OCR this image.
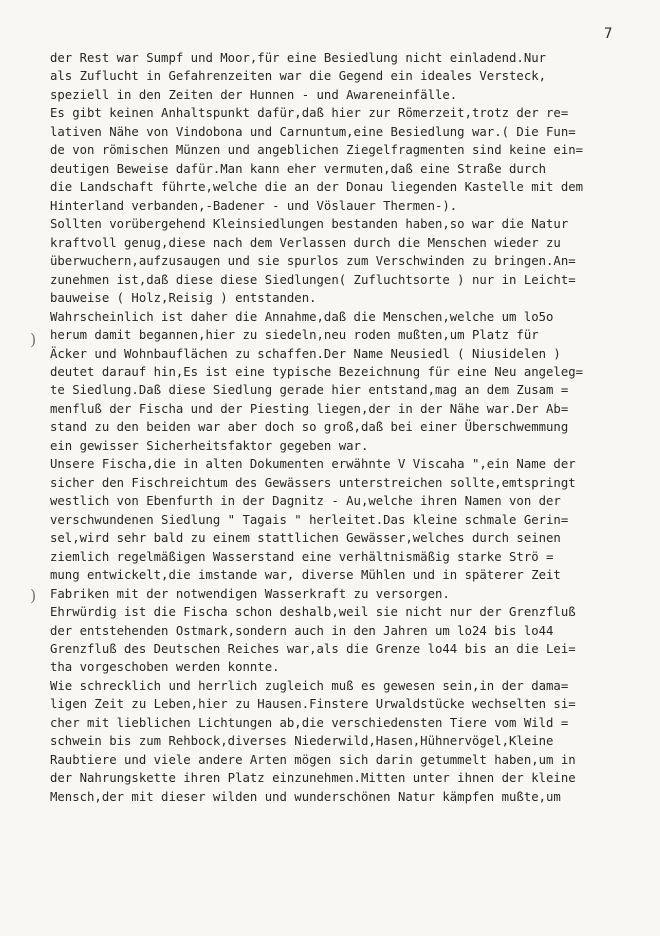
7
)
)
der Rest war Sumpf und Moor,für eine Besiedlung nicht einladend.Nur
als Zuflucht in Gefahrenzeiten war die Gegend ein ideales Versteck,
speziell in den Zeiten der Hunnen - und Awareneinfälle.
Es gibt keinen Anhaltspunkt dafür,daß hier zur Römerzeit,trotz der re=
lativen Nähe von Vindobona und Carnuntum,eine Besiedlung war.( Die Fun=
de von römischen Münzen und angeblichen Ziegelfragmenten sind keine ein=
deutigen Beweise dafür.Man kann eher vermuten,daß eine Straße durch
die Landschaft führte,welche die an der Donau liegenden Kastelle mit dem
Hinterland verbanden,-Badener - und Vöslauer Thermen-).
Sollten vorübergehend Kleinsiedlungen bestanden haben,so war die Natur
kraftvoll genug,diese nach dem Verlassen durch die Menschen wieder zu
überwuchern,aufzusaugen und sie spurlos zum Verschwinden zu bringen.An=
zunehmen ist,daß diese diese Siedlungen( Zufluchtsorte ) nur in Leicht=
bauweise ( Holz,Reisig ) entstanden.
Wahrscheinlich ist daher die Annahme,daß die Menschen,welche um lo5o
herum damit begannen,hier zu siedeln,neu roden mußten,um Platz für
Äcker und Wohnbauflächen zu schaffen.Der Name Neusiedl ( Niusidelen )
deutet darauf hin,Es ist eine typische Bezeichnung für eine Neu angeleg=
te Siedlung.Daß diese Siedlung gerade hier entstand,mag an dem Zusam =
menfluß der Fischa und der Piesting liegen,der in der Nähe war.Der Ab=
stand zu den beiden war aber doch so groß,daß bei einer Überschwemmung
ein gewisser Sicherheitsfaktor gegeben war.
Unsere Fischa,die in alten Dokumenten erwähnte V Viscaha ",ein Name der
sicher den Fischreichtum des Gewässers unterstreichen sollte,emtspringt
westlich von Ebenfurth in der Dagnitz - Au,welche ihren Namen von der
verschwundenen Siedlung " Tagais " herleitet.Das kleine schmale Gerin=
sel,wird sehr bald zu einem stattlichen Gewässer,welches durch seinen
ziemlich regelmäßigen Wasserstand eine verhältnismäßig starke Strö =
mung entwickelt,die imstande war, diverse Mühlen und in späterer Zeit
Fabriken mit der notwendigen Wasserkraft zu versorgen.
Ehrwürdig ist die Fischa schon deshalb,weil sie nicht nur der Grenzfluß
der entstehenden Ostmark,sondern auch in den Jahren um lo24 bis lo44
Grenzfluß des Deutschen Reiches war,als die Grenze lo44 bis an die Lei=
tha vorgeschoben werden konnte.
Wie schrecklich und herrlich zugleich muß es gewesen sein,in der dama=
ligen Zeit zu Leben,hier zu Hausen.Finstere Urwaldstücke wechselten si=
cher mit lieblichen Lichtungen ab,die verschiedensten Tiere vom Wild =
schwein bis zum Rehbock,diverses Niederwild,Hasen,Hühnervögel,Kleine
Raubtiere und viele andere Arten mögen sich darin getummelt haben,um in
der Nahrungskette ihren Platz einzunehmen.Mitten unter ihnen der kleine
Mensch,der mit dieser wilden und wunderschönen Natur kämpfen mußte,um
